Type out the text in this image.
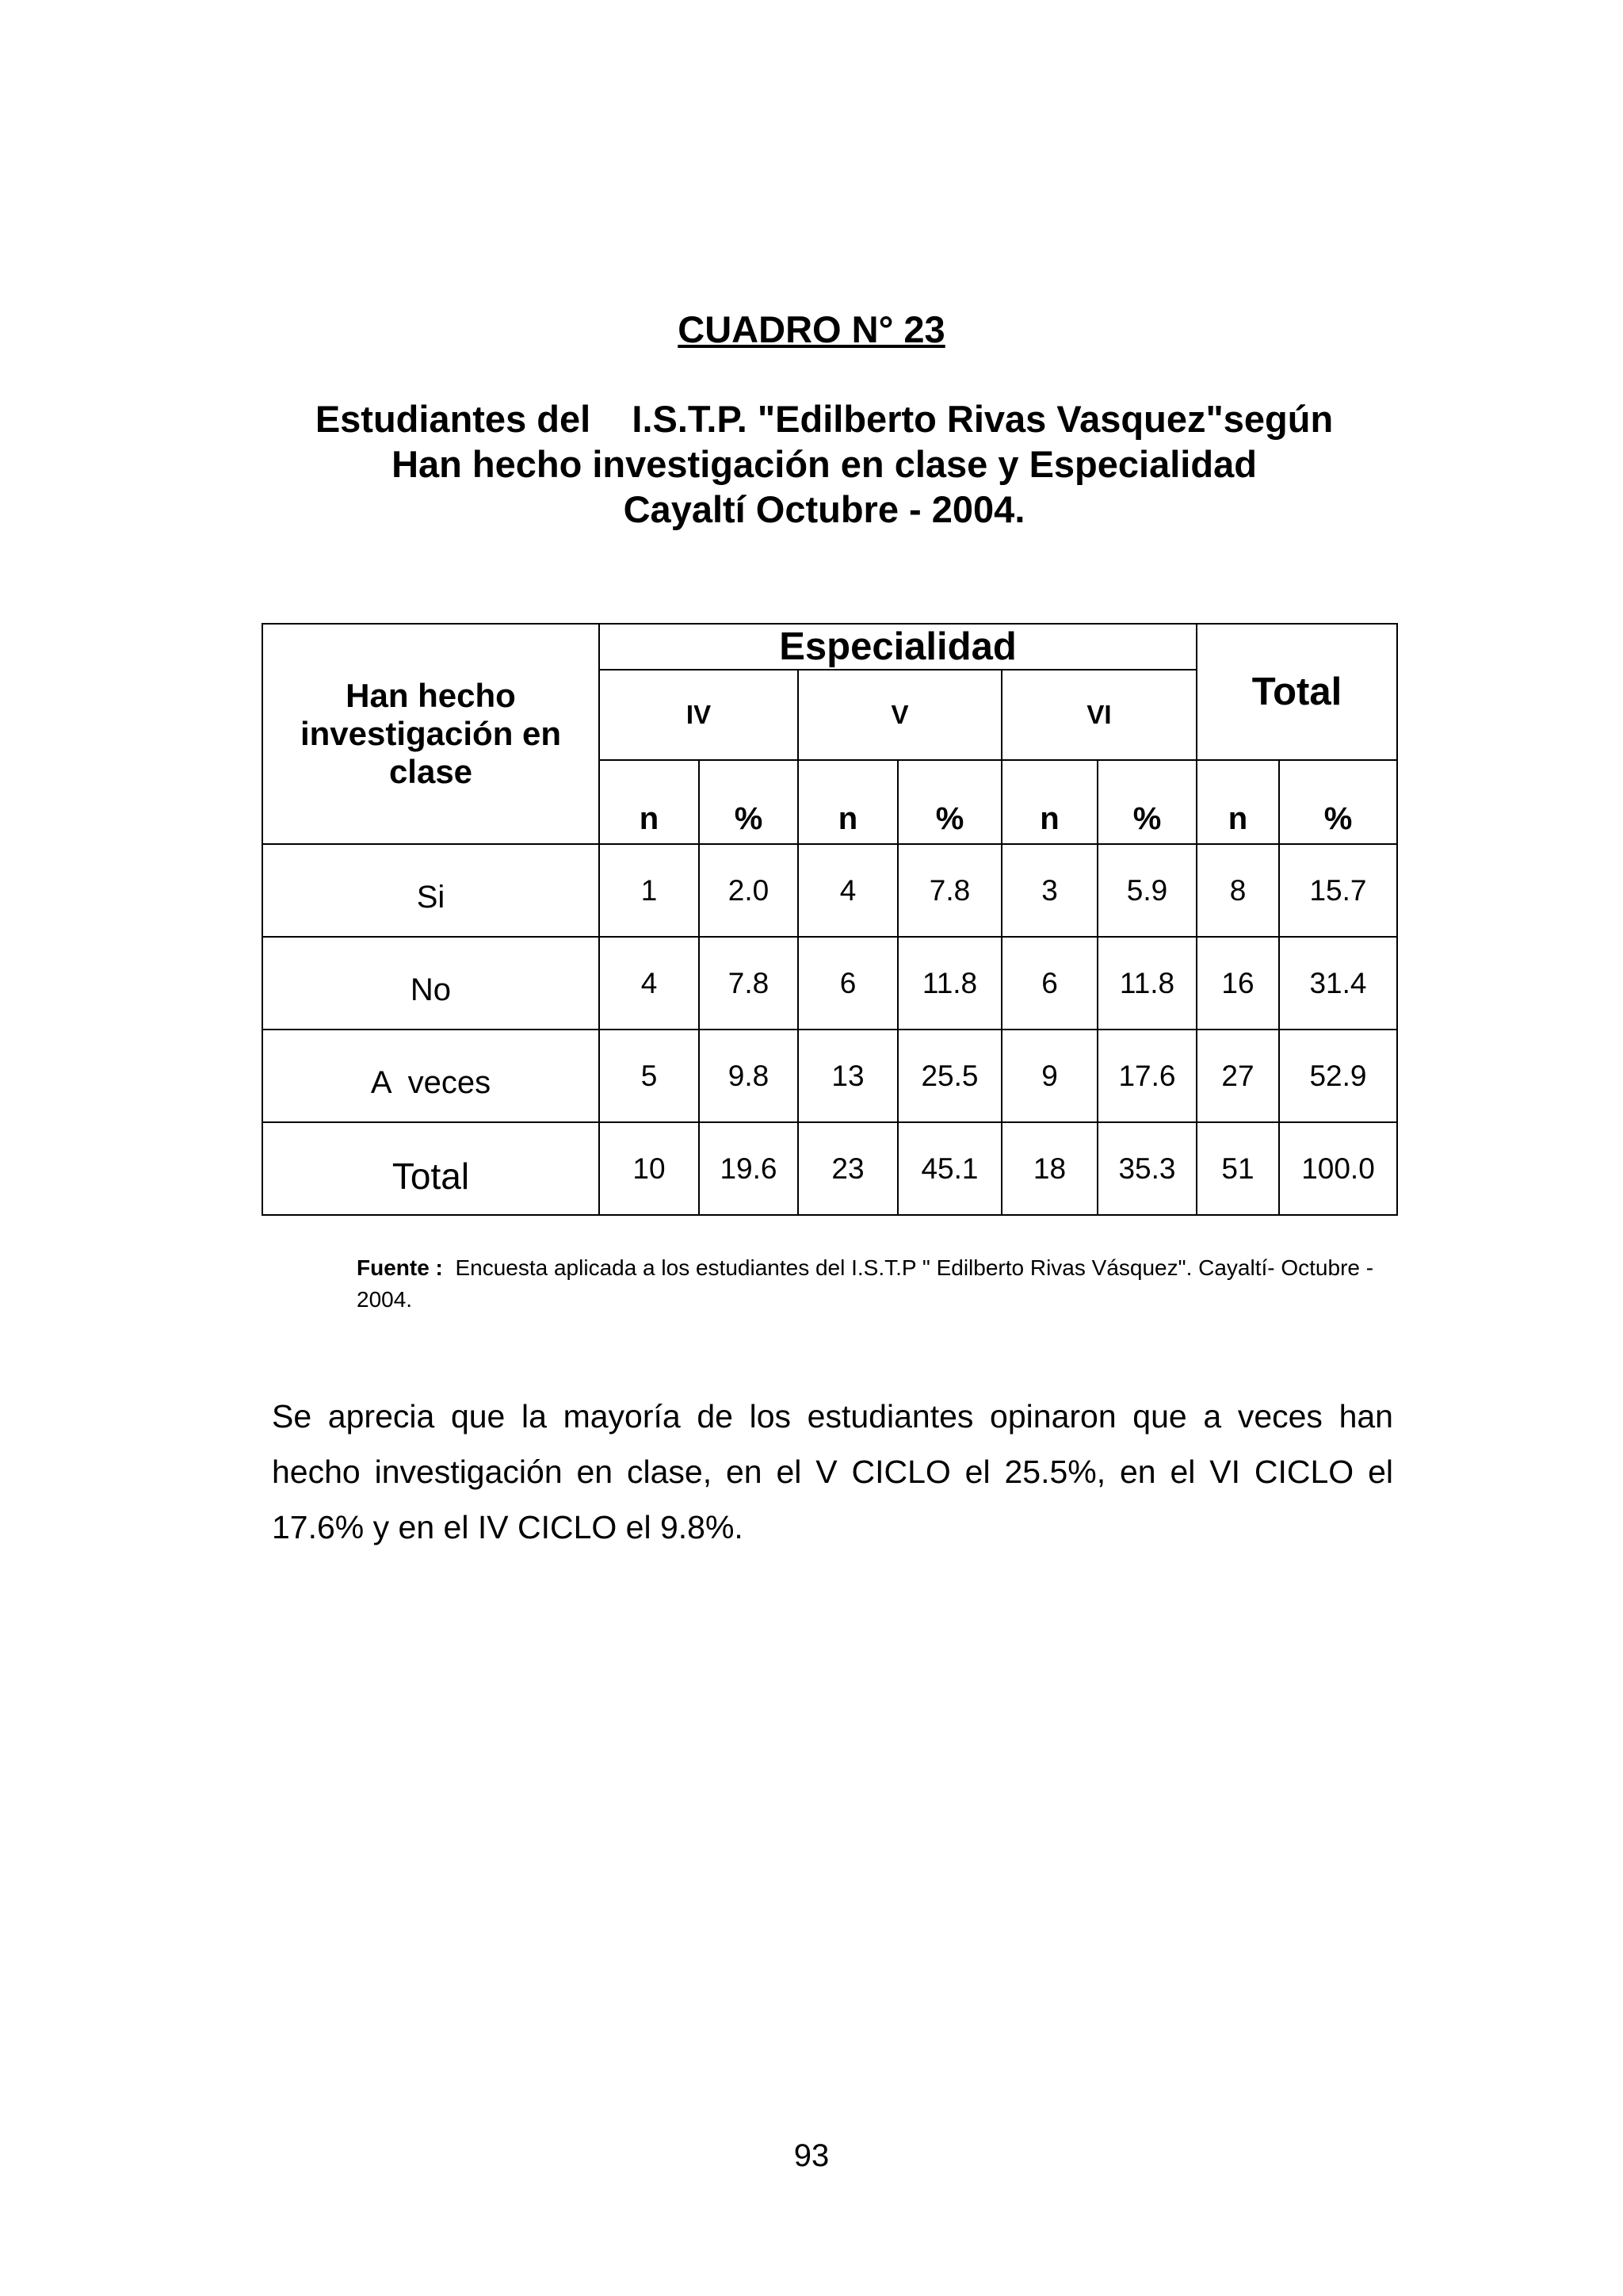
CUADRO N° 23
Estudiantes del    I.S.T.P. "Edilberto Rivas Vasquez"según
Han hecho investigación en clase y Especialidad
Cayaltí Octubre - 2004.
Han hecho investigación en clase	Especialidad						Total	
	IV		V		VI			
	n	%	n	%	n	%	n	%
Si	1	2.0	4	7.8	3	5.9	8	15.7
No	4	7.8	6	11.8	6	11.8	16	31.4
A  veces	5	9.8	13	25.5	9	17.6	27	52.9
Total	10	19.6	23	45.1	18	35.3	51	100.0
Fuente : Encuesta aplicada a los estudiantes del I.S.T.P " Edilberto Rivas Vásquez". Cayaltí- Octubre - 2004.
Se aprecia que la mayoría de los estudiantes opinaron que a veces han hecho investigación en clase, en el V CICLO el 25.5%, en el VI CICLO el 17.6% y en el IV CICLO el 9.8%.
93
